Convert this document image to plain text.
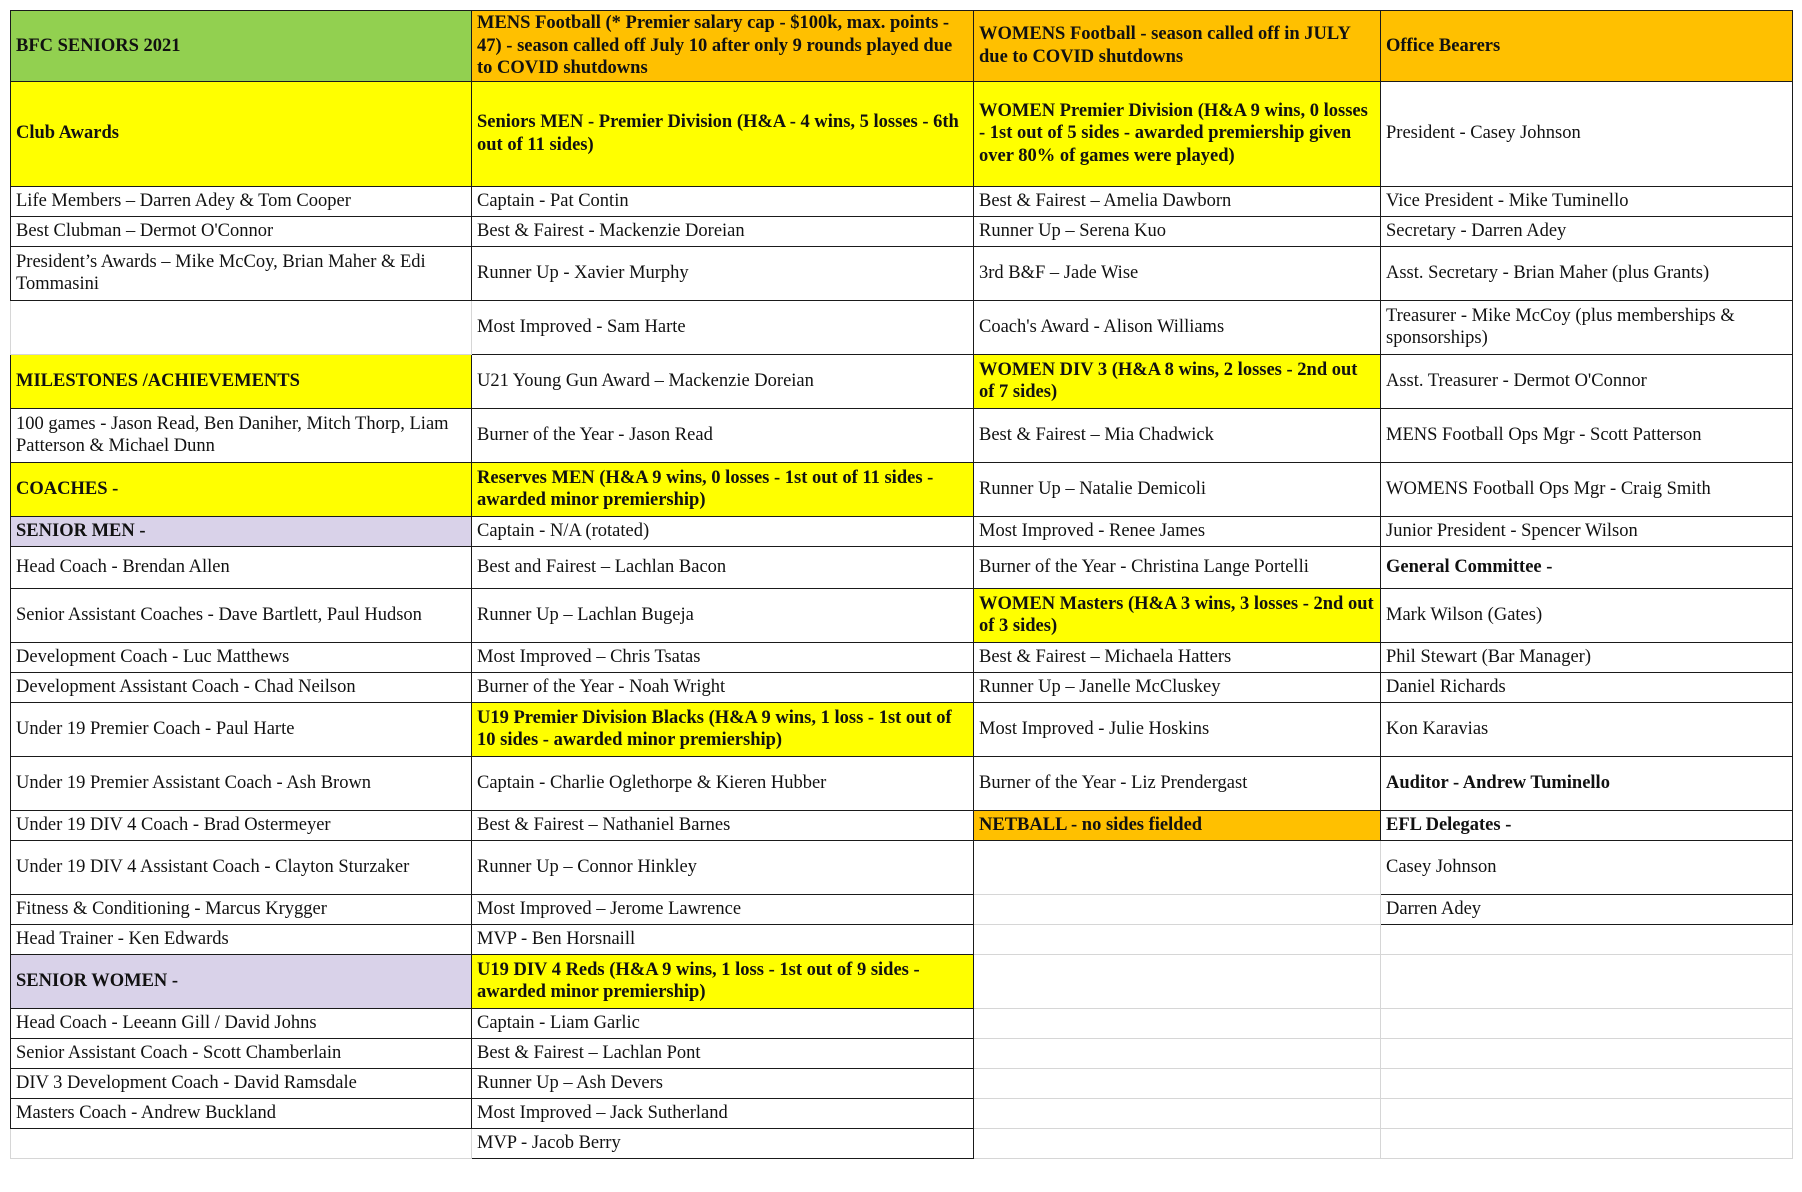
BFC SENIORS 2021	MENS Football (* Premier salary cap - $100k, max. points - 47) - season called off July 10 after only 9 rounds played due to COVID shutdowns	WOMENS Football - season called off in JULY due to COVID shutdowns	Office Bearers
Club Awards	Seniors MEN - Premier Division (H&A - 4 wins, 5 losses - 6th out of 11 sides)	WOMEN Premier Division (H&A 9 wins, 0 losses - 1st out of 5 sides - awarded premiership given over 80% of games were played)	President - Casey Johnson
Life Members – Darren Adey & Tom Cooper	Captain - Pat Contin	Best & Fairest – Amelia Dawborn	Vice President - Mike Tuminello
Best Clubman – Dermot O'Connor	Best & Fairest - Mackenzie Doreian	Runner Up – Serena Kuo	Secretary - Darren Adey
President’s Awards – Mike McCoy, Brian Maher & Edi Tommasini	Runner Up - Xavier Murphy	3rd B&F – Jade Wise	Asst. Secretary - Brian Maher (plus Grants)
	Most Improved - Sam Harte	Coach's Award - Alison Williams	Treasurer - Mike McCoy (plus memberships & sponsorships)
MILESTONES /ACHIEVEMENTS	U21 Young Gun Award – Mackenzie Doreian	WOMEN DIV 3 (H&A 8 wins, 2 losses - 2nd out of 7 sides)	Asst. Treasurer - Dermot O'Connor
100 games - Jason Read, Ben Daniher, Mitch Thorp, Liam Patterson & Michael Dunn	Burner of the Year - Jason Read	Best & Fairest – Mia Chadwick	MENS Football Ops Mgr - Scott Patterson
COACHES -	Reserves MEN (H&A 9 wins, 0 losses - 1st out of 11 sides - awarded minor premiership)	Runner Up – Natalie Demicoli	WOMENS Football Ops Mgr - Craig Smith
SENIOR MEN -	Captain - N/A (rotated)	Most Improved - Renee James	Junior President - Spencer Wilson
Head Coach - Brendan Allen	Best and Fairest – Lachlan Bacon	Burner of the Year - Christina Lange Portelli	General Committee -
Senior Assistant Coaches - Dave Bartlett, Paul Hudson	Runner Up – Lachlan Bugeja	WOMEN Masters (H&A 3 wins, 3 losses - 2nd out of 3 sides)	Mark Wilson (Gates)
Development Coach - Luc Matthews	Most Improved – Chris Tsatas	Best & Fairest – Michaela Hatters	Phil Stewart (Bar Manager)
Development Assistant Coach - Chad Neilson	Burner of the Year - Noah Wright	Runner Up – Janelle McCluskey	Daniel Richards
Under 19 Premier Coach - Paul Harte	U19 Premier Division Blacks (H&A 9 wins, 1 loss - 1st out of 10 sides - awarded minor premiership)	Most Improved - Julie Hoskins	Kon Karavias
Under 19 Premier Assistant Coach - Ash Brown	Captain - Charlie Oglethorpe & Kieren Hubber	Burner of the Year - Liz Prendergast	Auditor - Andrew Tuminello
Under 19 DIV 4 Coach - Brad Ostermeyer	Best & Fairest – Nathaniel Barnes	NETBALL - no sides fielded	EFL Delegates -
Under 19 DIV 4 Assistant Coach - Clayton Sturzaker	Runner Up – Connor Hinkley		Casey Johnson
Fitness & Conditioning - Marcus Krygger	Most Improved – Jerome Lawrence		Darren Adey
Head Trainer - Ken Edwards	MVP - Ben Horsnaill		
SENIOR WOMEN -	U19 DIV 4 Reds (H&A 9 wins, 1 loss - 1st out of 9 sides - awarded minor premiership)		
Head Coach - Leeann Gill / David Johns	Captain - Liam Garlic		
Senior Assistant Coach - Scott Chamberlain	Best & Fairest – Lachlan Pont		
DIV 3 Development Coach - David Ramsdale	Runner Up – Ash Devers		
Masters Coach - Andrew Buckland	Most Improved – Jack Sutherland		
	MVP - Jacob Berry		
